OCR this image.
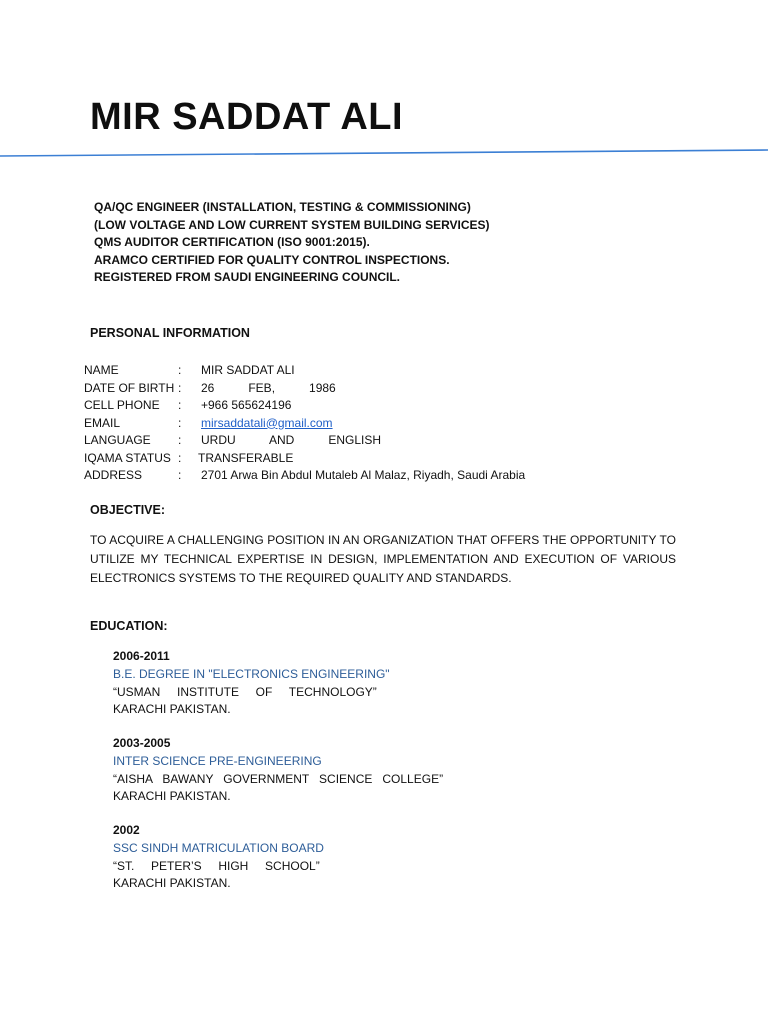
MIR SADDAT ALI
QA/QC ENGINEER (INSTALLATION, TESTING & COMMISSIONING)
(LOW VOLTAGE AND LOW CURRENT SYSTEM BUILDING SERVICES)
QMS AUDITOR CERTIFICATION (ISO 9001:2015).
ARAMCO CERTIFIED FOR QUALITY CONTROL INSPECTIONS.
REGISTERED FROM SAUDI ENGINEERING COUNCIL.
PERSONAL INFORMATION
NAME	: MIR SADDAT ALI
DATE OF BIRTH : 26   FEB,   1986
CELL PHONE : +966 565624196
EMAIL	: mirsaddatali@gmail.com
LANGUAGE : URDU   AND   ENGLISH
IQAMA STATUS : TRANSFERABLE
ADDRESS	: 2701 Arwa Bin Abdul Mutaleb Al Malaz, Riyadh, Saudi Arabia
OBJECTIVE:
TO ACQUIRE A CHALLENGING POSITION IN AN ORGANIZATION THAT OFFERS THE OPPORTUNITY TO UTILIZE MY TECHNICAL EXPERTISE IN DESIGN, IMPLEMENTATION AND EXECUTION OF VARIOUS ELECTRONICS SYSTEMS TO THE REQUIRED QUALITY AND STANDARDS.
EDUCATION:
2006-2011
B.E. DEGREE IN "ELECTRONICS ENGINEERING"
“USMAN     INSTITUTE     OF     TECHNOLOGY”
KARACHI PAKISTAN.
2003-2005
INTER SCIENCE PRE-ENGINEERING
“AISHA   BAWANY   GOVERNMENT   SCIENCE   COLLEGE”
KARACHI PAKISTAN.
2002
SSC SINDH MATRICULATION BOARD
“ST.     PETER’S     HIGH     SCHOOL”
KARACHI PAKISTAN.
